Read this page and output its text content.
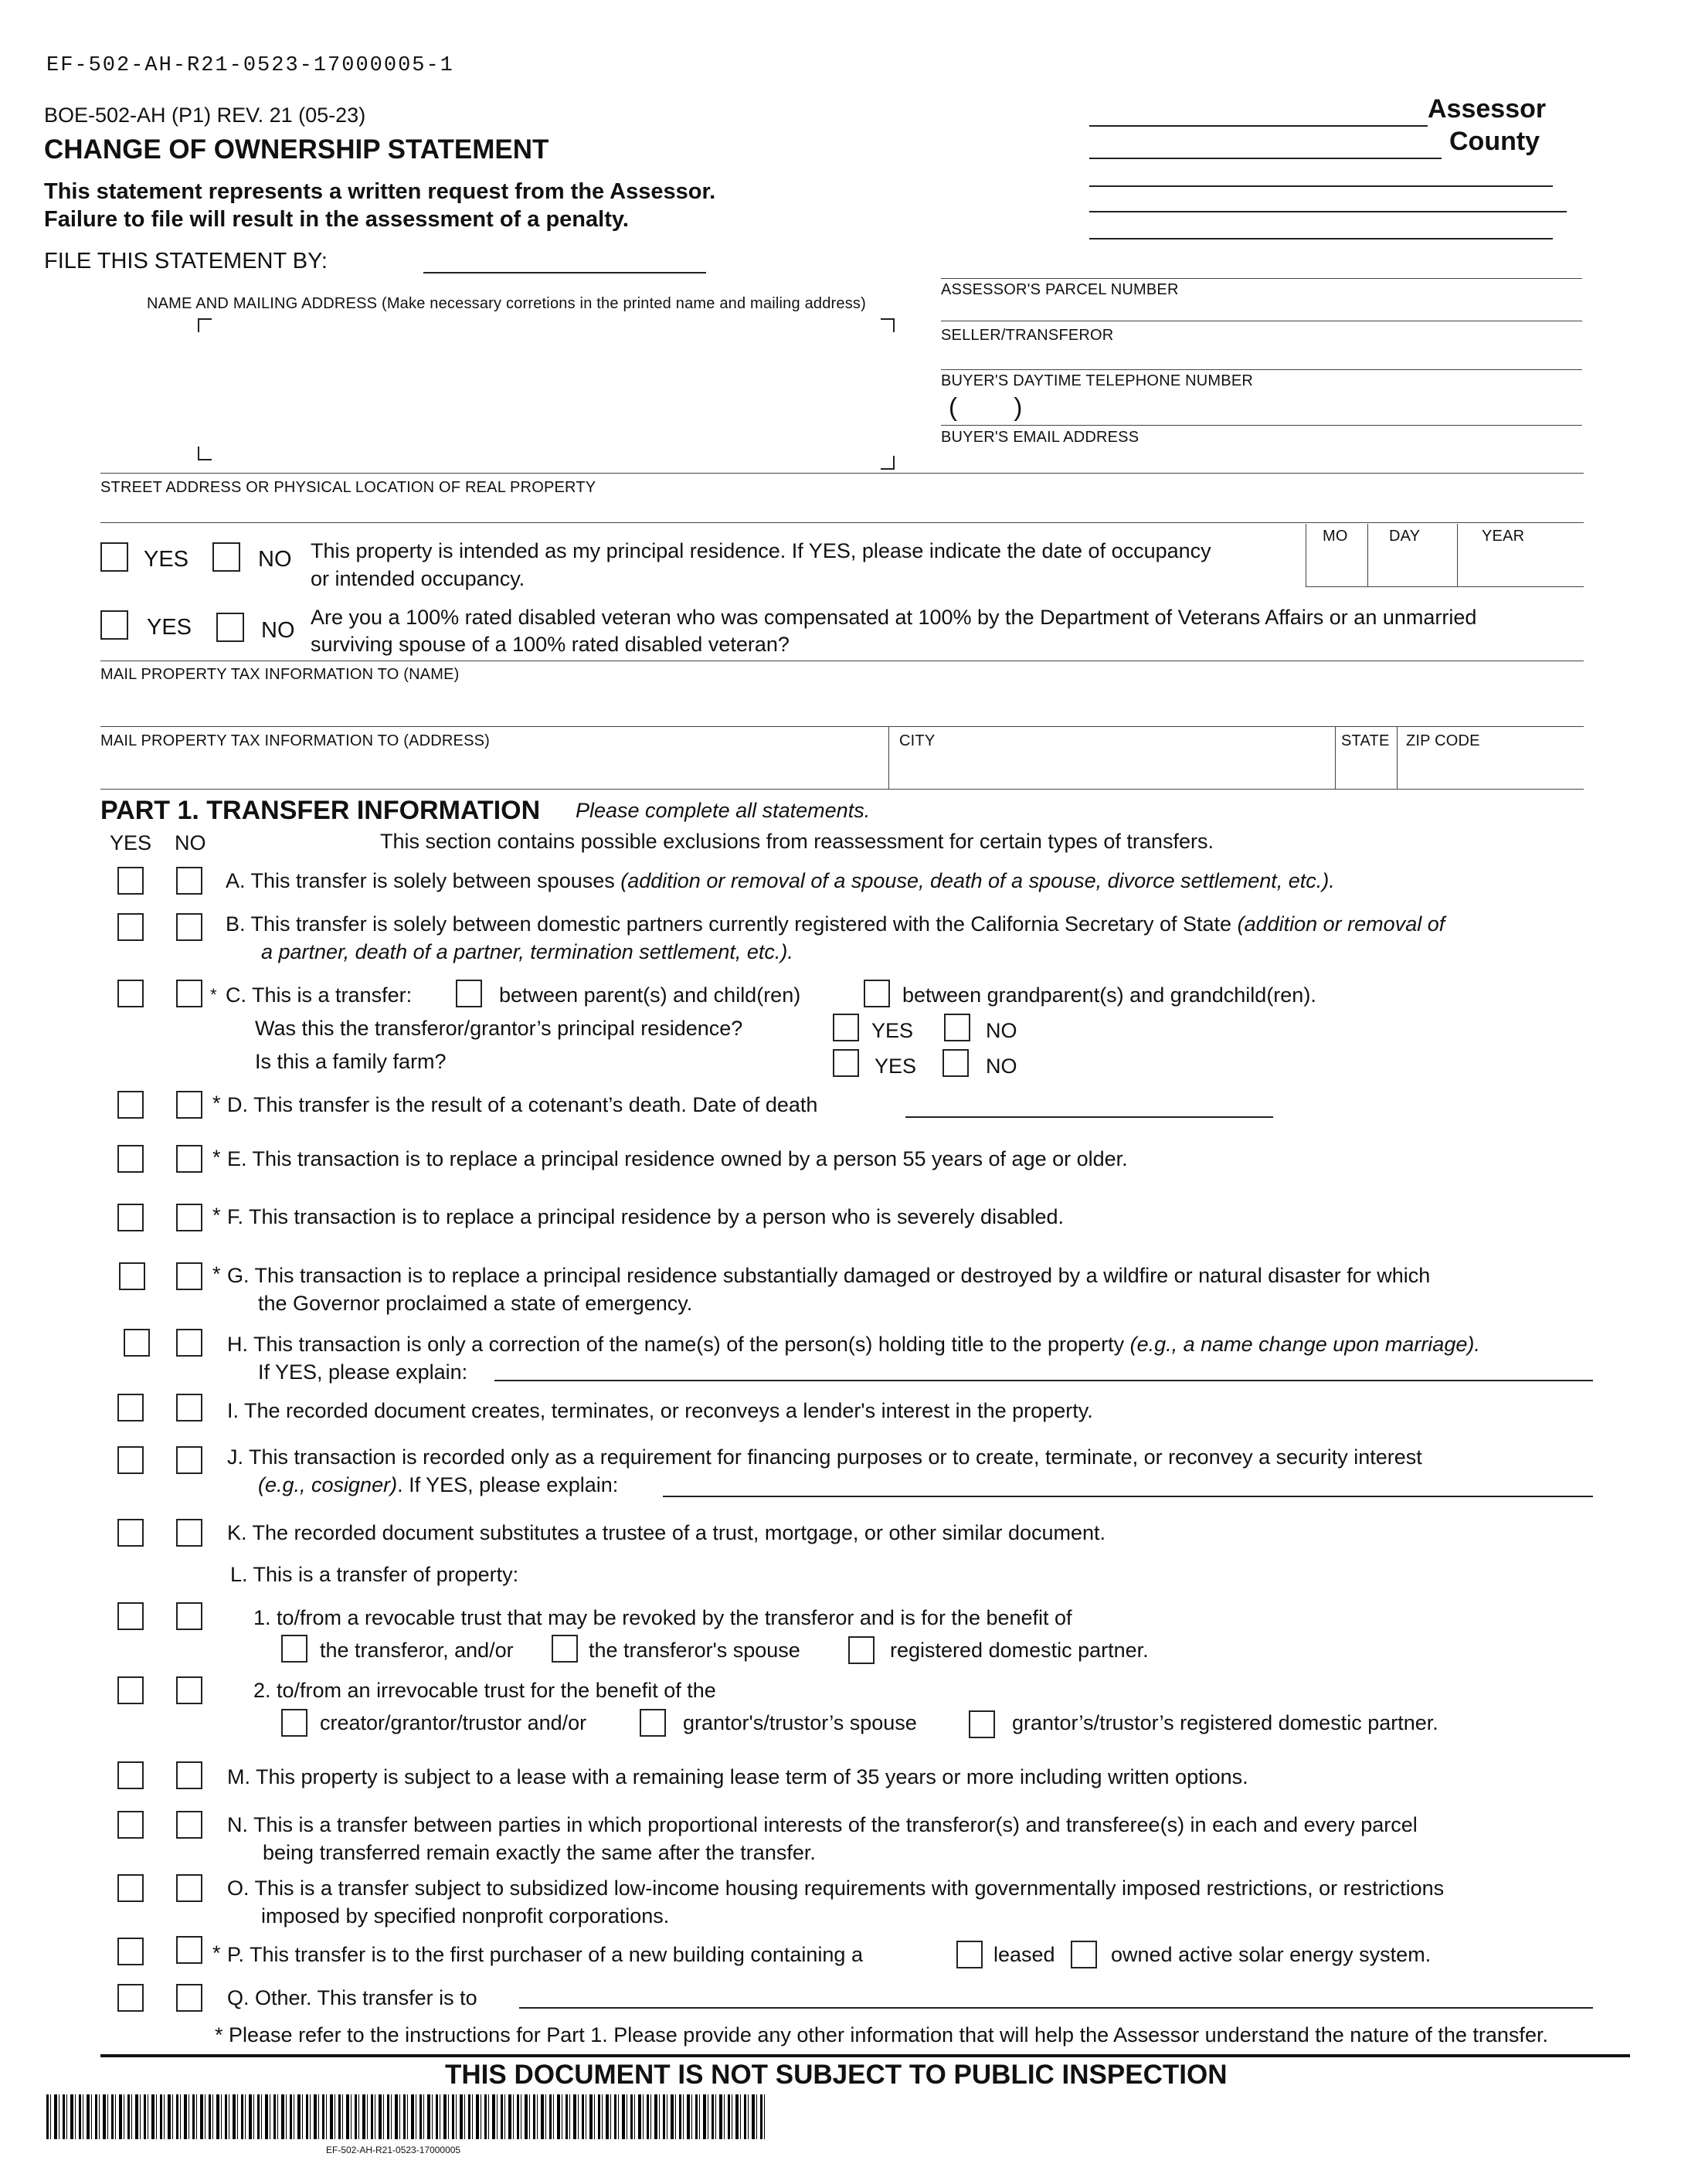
EF-502-AH-R21-0523-17000005-1
BOE-502-AH (P1) REV. 21 (05-23)
CHANGE OF OWNERSHIP STATEMENT
This statement represents a written request from the Assessor.
Failure to file will result in the assessment of a penalty.
FILE THIS STATEMENT BY:
Assessor
County
NAME AND MAILING ADDRESS (Make necessary corretions in the printed name and mailing address)
ASSESSOR'S PARCEL NUMBER
SELLER/TRANSFEROR
BUYER'S DAYTIME TELEPHONE NUMBER
(        )
BUYER'S EMAIL ADDRESS
STREET ADDRESS OR PHYSICAL LOCATION OF REAL PROPERTY
YES	NO This property is intended as my principal residence. If YES, please indicate the date of occupancy
or intended occupancy.
MO	DAY	YEAR
YES	NO
Are you a 100% rated disabled veteran who was compensated at 100% by the Department of Veterans Affairs or an unmarried
surviving spouse of a 100% rated disabled veteran?
MAIL PROPERTY TAX INFORMATION TO (NAME)
MAIL PROPERTY TAX INFORMATION TO (ADDRESS)	CITY	STATE ZIP CODE
PART 1. TRANSFER INFORMATION Please complete all statements.
YES NO	This section contains possible exclusions from reassessment for certain types of transfers.
A. This transfer is solely between spouses (addition or removal of a spouse, death of a spouse, divorce settlement, etc.).
B. This transfer is solely between domestic partners currently registered with the California Secretary of State (addition or removal of
a partner, death of a partner, termination settlement, etc.).
* C. This is a transfer:	between parent(s) and child(ren)	between grandparent(s) and grandchild(ren).
Was this the transferor/grantor’s principal residence?	YES	NO
Is this a family farm?	YES	NO
* D. This transfer is the result of a cotenant’s death. Date of death
* E. This transaction is to replace a principal residence owned by a person 55 years of age or older.
* F. This transaction is to replace a principal residence by a person who is severely disabled.
* G. This transaction is to replace a principal residence substantially damaged or destroyed by a wildfire or natural disaster for which
the Governor proclaimed a state of emergency.
H. This transaction is only a correction of the name(s) of the person(s) holding title to the property (e.g., a name change upon marriage).
If YES, please explain:
I. The recorded document creates, terminates, or reconveys a lender's interest in the property.
J. This transaction is recorded only as a requirement for financing purposes or to create, terminate, or reconvey a security interest
(e.g., cosigner). If YES, please explain:
K. The recorded document substitutes a trustee of a trust, mortgage, or other similar document.
L. This is a transfer of property:
1. to/from a revocable trust that may be revoked by the transferor and is for the benefit of
the transferor, and/or	the transferor's spouse	registered domestic partner.
2. to/from an irrevocable trust for the benefit of the
creator/grantor/trustor and/or	grantor's/trustor’s spouse	grantor’s/trustor’s registered domestic partner.
M. This property is subject to a lease with a remaining lease term of 35 years or more including written options.
N. This is a transfer between parties in which proportional interests of the transferor(s) and transferee(s) in each and every parcel
being transferred remain exactly the same after the transfer.
O. This is a transfer subject to subsidized low-income housing requirements with governmentally imposed restrictions, or restrictions
imposed by specified nonprofit corporations.
* P. This transfer is to the first purchaser of a new building containing a	leased	owned active solar energy system.
Q. Other. This transfer is to
* Please refer to the instructions for Part 1. Please provide any other information that will help the Assessor understand the nature of the transfer.
THIS DOCUMENT IS NOT SUBJECT TO PUBLIC INSPECTION
EF-502-AH-R21-0523-17000005
